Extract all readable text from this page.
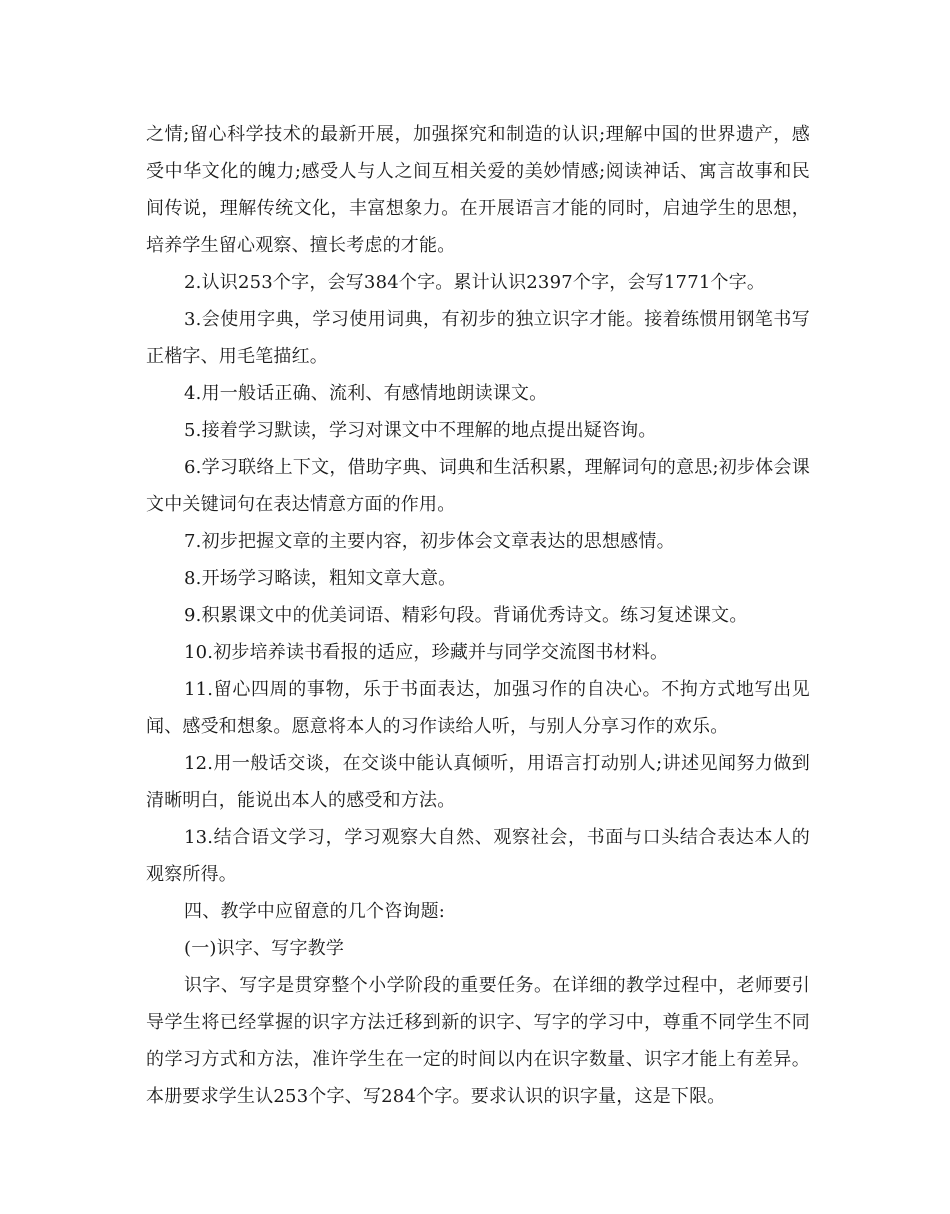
之情;留心科学技术的最新开展，加强探究和制造的认识;理解中国的世界遗产，感受中华文化的魄力;感受人与人之间互相关爱的美妙情感;阅读神话、寓言故事和民间传说，理解传统文化，丰富想象力。在开展语言才能的同时，启迪学生的思想，培养学生留心观察、擅长考虑的才能。

2.认识253个字，会写384个字。累计认识2397个字，会写1771个字。

3.会使用字典，学习使用词典，有初步的独立识字才能。接着练惯用钢笔书写正楷字、用毛笔描红。

4.用一般话正确、流利、有感情地朗读课文。

5.接着学习默读，学习对课文中不理解的地点提出疑咨询。

6.学习联络上下文，借助字典、词典和生活积累，理解词句的意思;初步体会课文中关键词句在表达情意方面的作用。

7.初步把握文章的主要内容，初步体会文章表达的思想感情。

8.开场学习略读，粗知文章大意。

9.积累课文中的优美词语、精彩句段。背诵优秀诗文。练习复述课文。

10.初步培养读书看报的适应，珍藏并与同学交流图书材料。

11.留心四周的事物，乐于书面表达，加强习作的自决心。不拘方式地写出见闻、感受和想象。愿意将本人的习作读给人听，与别人分享习作的欢乐。

12.用一般话交谈，在交谈中能认真倾听，用语言打动别人;讲述见闻努力做到清晰明白，能说出本人的感受和方法。

13.结合语文学习，学习观察大自然、观察社会，书面与口头结合表达本人的观察所得。

四、教学中应留意的几个咨询题:

(一)识字、写字教学

识字、写字是贯穿整个小学阶段的重要任务。在详细的教学过程中，老师要引导学生将已经掌握的识字方法迁移到新的识字、写字的学习中，尊重不同学生不同的学习方式和方法，准许学生在一定的时间以内在识字数量、识字才能上有差异。本册要求学生认253个字、写284个字。要求认识的识字量，这是下限。
